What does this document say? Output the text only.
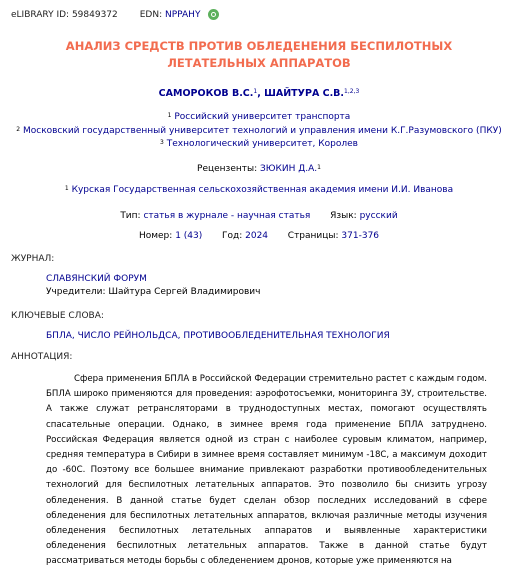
eLIBRARY ID: 59849372 EDN:
NPPAHY
АНАЛИЗ СРЕДСТВ ПРОТИВ ОБЛЕДЕНЕНИЯ БЕСПИЛОТНЫХ ЛЕТАТЕЛЬНЫХ АППАРАТОВ
САМОРОКОВ В.С.$^1$, ШАЙТУРА С.В.$^{1,2,3}$
$^1$ Российский университет транспорта
$^2$ Московский государственный университет технологий и управления имени К.Г.Разумовского (ПКУ)
$^3$ Технологический университет, Королев
Рецензенты: ЗЮКИН Д.А.$^1$
$^1$ Курская Государственная сельскохозяйственная академия имени И.И. Иванова
Тип: статья в журнале - научная статья Язык: русский
Номер: 1 (43) Год: 2024 Страницы: 371-376
ЖУРНАЛ:
СЛАВЯНСКИЙ ФОРУМ
Учредители: Шайтура Сергей Владимирович
КЛЮЧЕВЫЕ СЛОВА:
БПЛА, ЧИСЛО РЕЙНОЛЬДСА, ПРОТИВООБЛЕДЕНИТЕЛЬНАЯ ТЕХНОЛОГИЯ
АННОТАЦИЯ:
Сфера применения БПЛА в Российской Федерации стремительно растет с каждым годом. БПЛА широко применяются для проведения: аэрофотосъемки, мониторинга ЗУ, строительстве. А также служат ретрансляторами в труднодоступных местах, помогают осуществлять спасательные операции. Однако, в зимнее время года применение БПЛА затруднено. Российская Федерация является одной из стран с наиболее суровым климатом, например, средняя температура в Сибири в зимнее время составляет минимум -18С, а максимум доходит до -60С. Поэтому все большее внимание привлекают разработки противообледенительных технологий для беспилотных летательных аппаратов. Это позволило бы снизить угрозу обледенения. В данной статье будет сделан обзор последних исследований в сфере обледенения для беспилотных летательных аппаратов, включая различные методы изучения обледенения беспилотных летательных аппаратов и выявленные характеристики обледенения беспилотных летательных аппаратов. Также в данной статье будут рассматриваться методы борьбы с обледенением дронов, которые уже применяются на
